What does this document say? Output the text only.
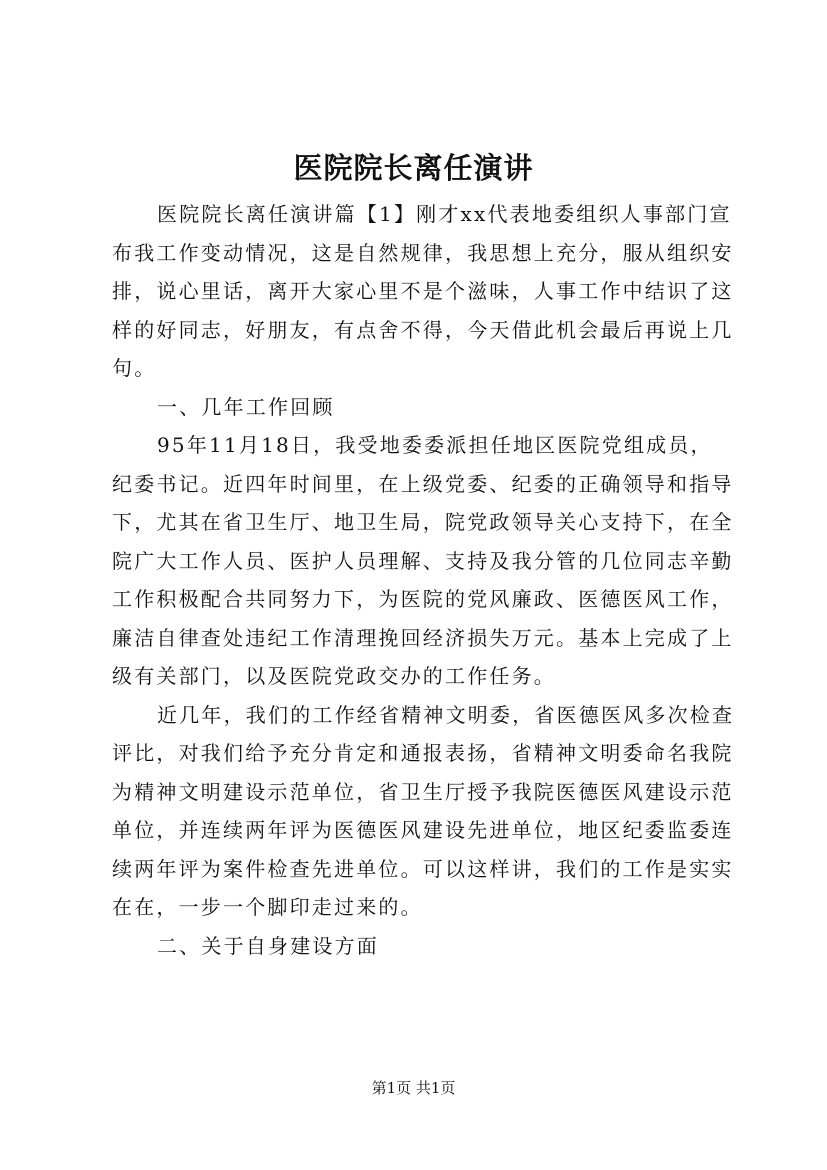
医院院长离任演讲
医院院长离任演讲篇【1】刚才xx代表地委组织人事部门宣
布我工作变动情况，这是自然规律，我思想上充分，服从组织安
排，说心里话，离开大家心里不是个滋味，人事工作中结识了这
样的好同志，好朋友，有点舍不得，今天借此机会最后再说上几
句。
一、几年工作回顾
95年11月18日，我受地委委派担任地区医院党组成员，
纪委书记。近四年时间里，在上级党委、纪委的正确领导和指导
下，尤其在省卫生厅、地卫生局，院党政领导关心支持下，在全
院广大工作人员、医护人员理解、支持及我分管的几位同志辛勤
工作积极配合共同努力下，为医院的党风廉政、医德医风工作，
廉洁自律查处违纪工作清理挽回经济损失万元。基本上完成了上
级有关部门，以及医院党政交办的工作任务。
近几年，我们的工作经省精神文明委，省医德医风多次检查
评比，对我们给予充分肯定和通报表扬，省精神文明委命名我院
为精神文明建设示范单位，省卫生厅授予我院医德医风建设示范
单位，并连续两年评为医德医风建设先进单位，地区纪委监委连
续两年评为案件检查先进单位。可以这样讲，我们的工作是实实
在在，一步一个脚印走过来的。
二、关于自身建设方面
第1页 共1页
